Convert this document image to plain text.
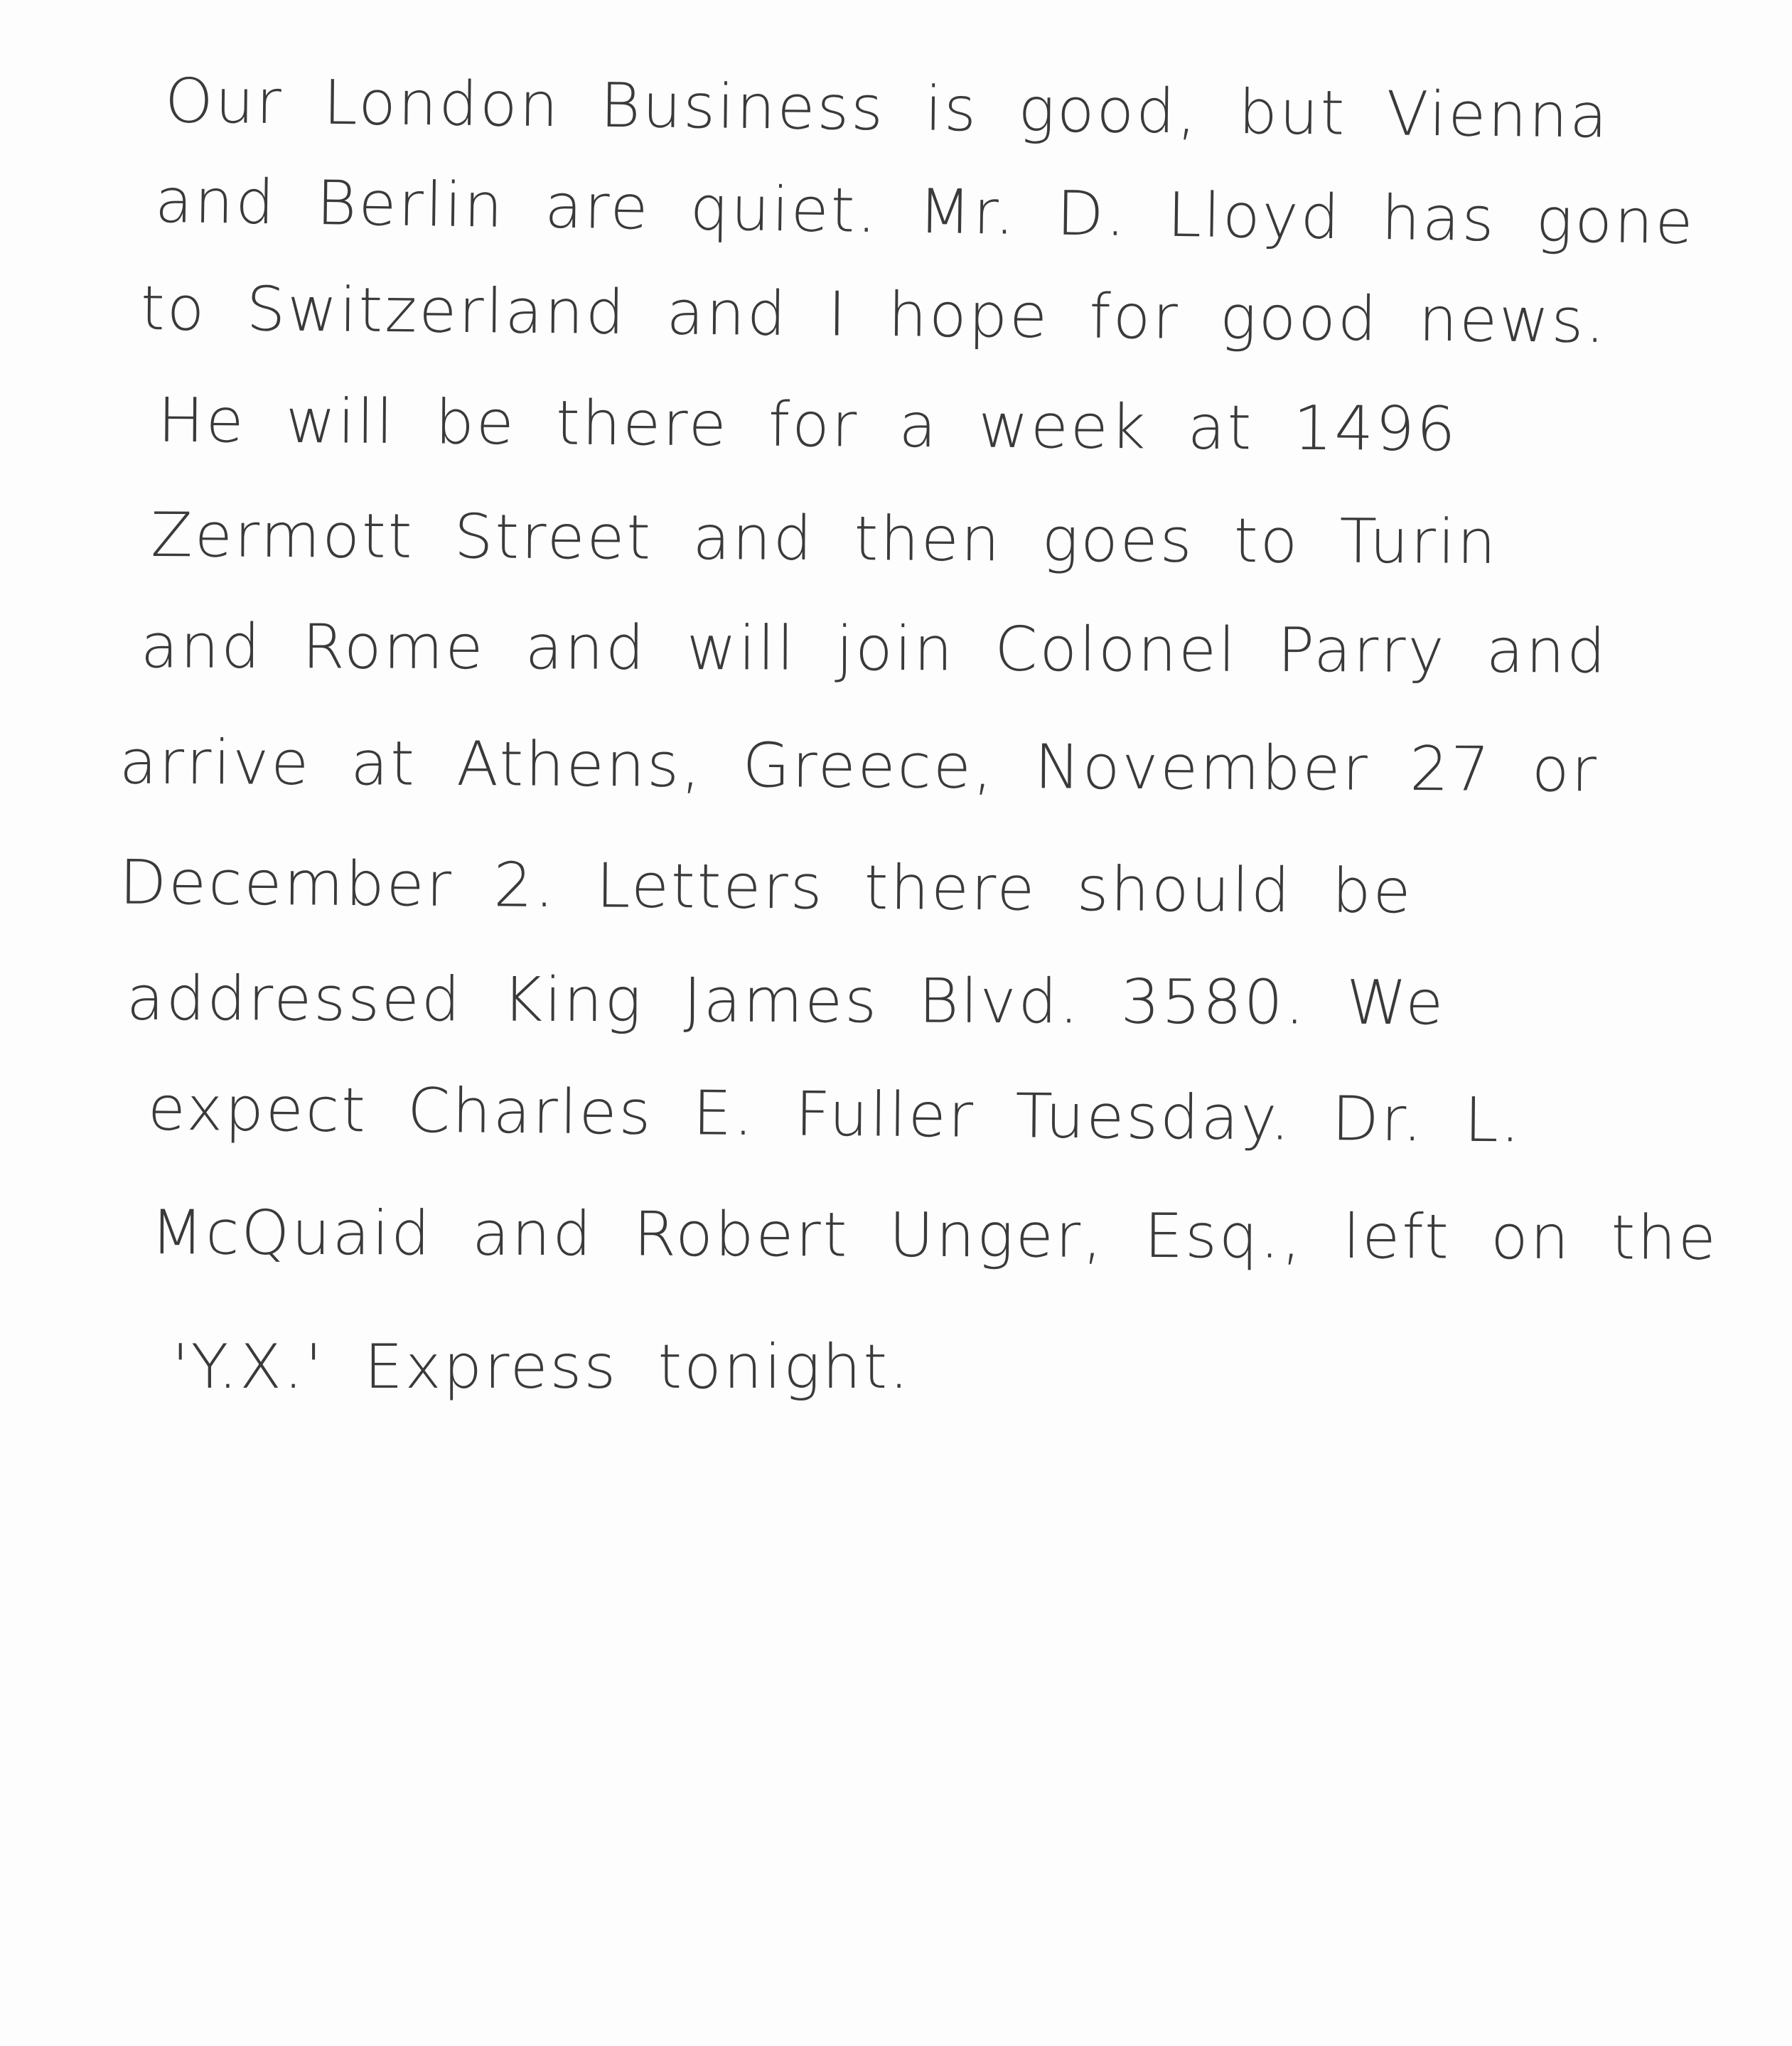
Our London Business is good, but Vienna
and Berlin are quiet. Mr. D. Lloyd has gone
to Switzerland and I hope for good news.
He will be there for a week at 1496
Zermott Street and then goes to Turin
and Rome and will join Colonel Parry and
arrive at Athens, Greece, November 27 or
December 2. Letters there should be
addressed King James Blvd. 3580. We
expect Charles E. Fuller Tuesday. Dr. L.
McQuaid and Robert Unger, Esq., left on the
'Y.X.' Express tonight.
